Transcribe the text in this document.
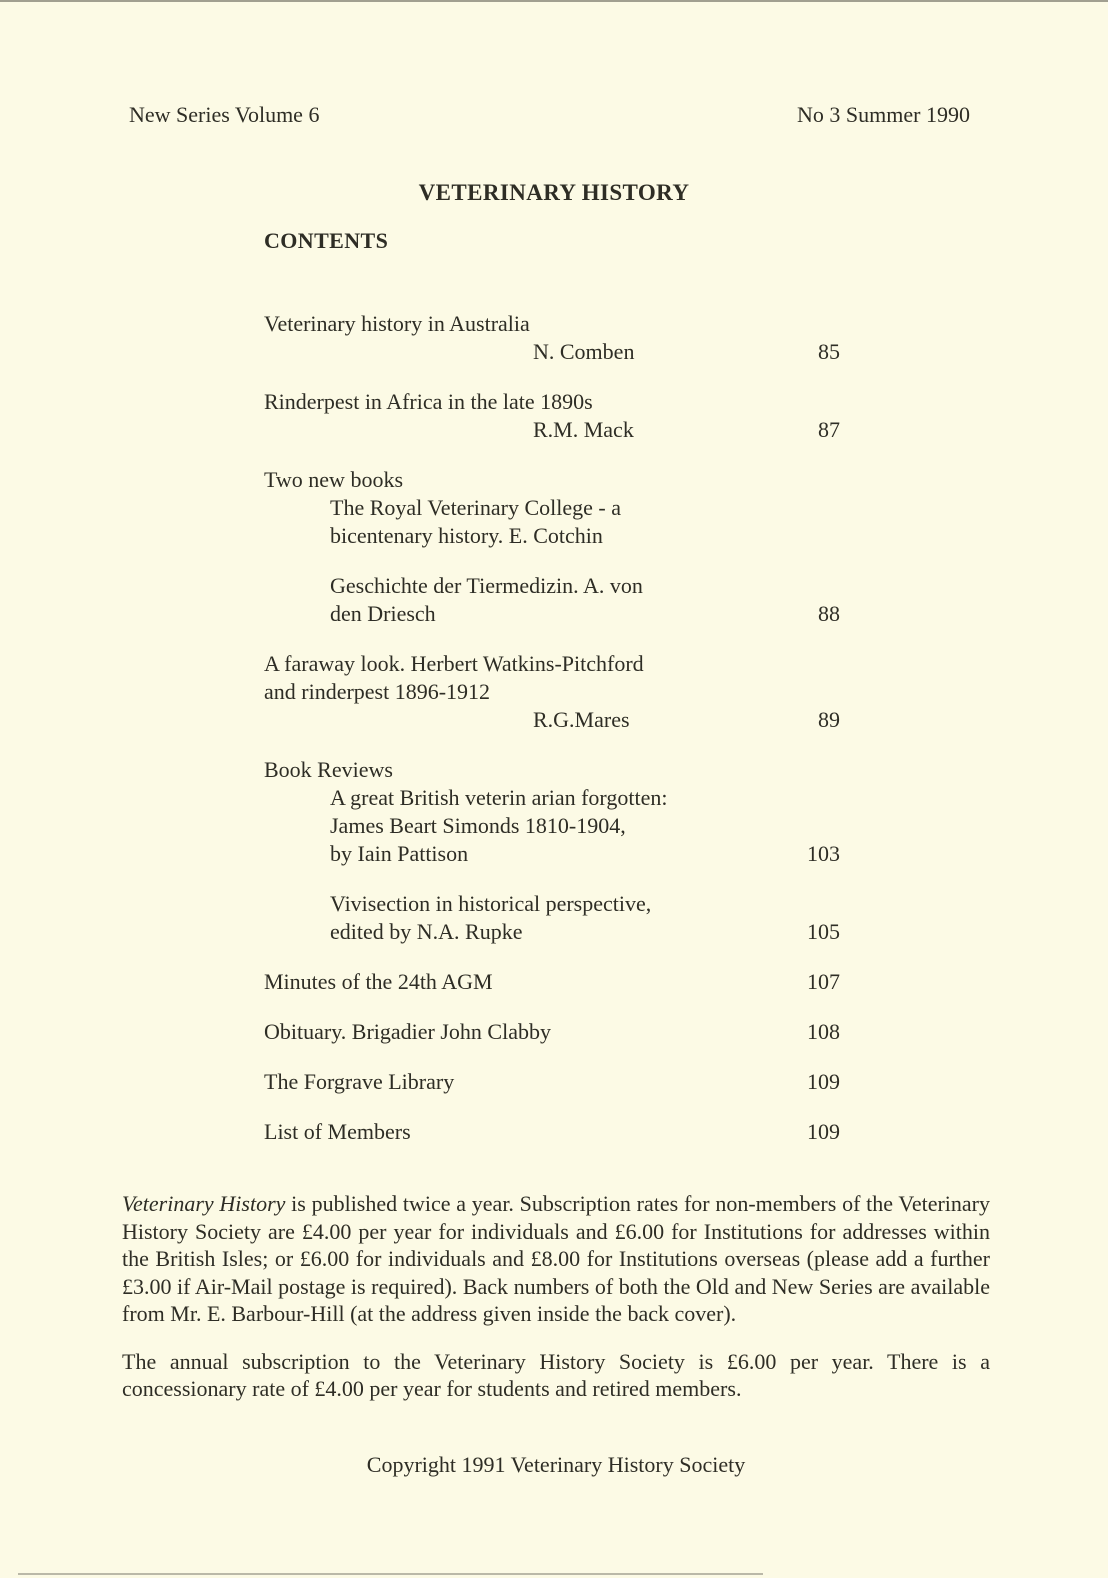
New Series Volume 6	No 3 Summer 1990
VETERINARY HISTORY
CONTENTS
Veterinary history in Australia
N. Comben	85
Rinderpest in Africa in the late 1890s
R.M. Mack	87
Two new books
The Royal Veterinary College - a
bicentenary history. E. Cotchin
Geschichte der Tiermedizin. A. von
den Driesch	88
A faraway look. Herbert Watkins-Pitchford
and rinderpest 1896-1912
R.G.Mares	89
Book Reviews
A great British veterin arian forgotten:
James Beart Simonds 1810-1904,
by Iain Pattison	103
Vivisection in historical perspective,
edited by N.A. Rupke	105
Minutes of the 24th AGM	107
Obituary. Brigadier John Clabby	108
The Forgrave Library	109
List of Members	109

Veterinary History is published twice a year. Subscription rates for non-members of the Veterinary History Society are £4.00 per year for individuals and £6.00 for Institutions for addresses within the British Isles; or £6.00 for individuals and £8.00 for Institutions overseas (please add a further £3.00 if Air-Mail postage is required). Back numbers of both the Old and New Series are available from Mr. E. Barbour-Hill (at the address given inside the back cover).

The annual subscription to the Veterinary History Society is £6.00 per year. There is a concessionary rate of £4.00 per year for students and retired members.

Copyright 1991 Veterinary History Society
